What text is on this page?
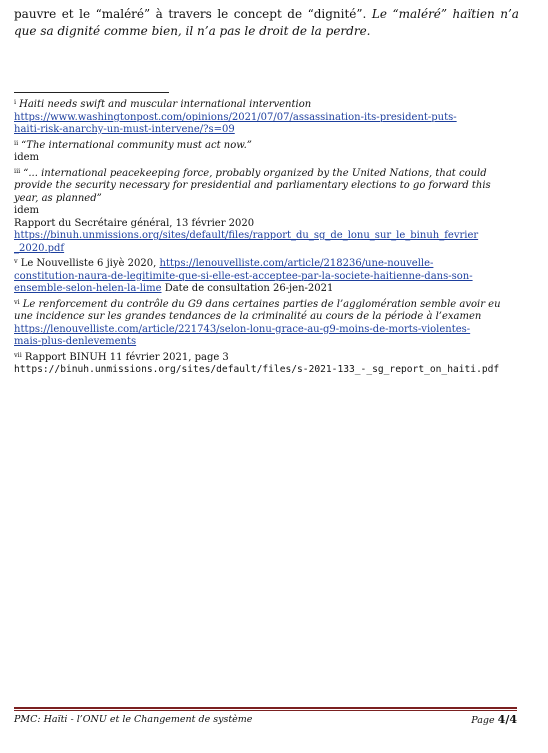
pauvre et le “maléré” à travers le concept de “dignité”. Le “maléré” haïtien n’a que sa dignité comme bien, il n’a pas le droit de la perdre.
$^i$ Haiti needs swift and muscular international intervention
https://www.washingtonpost.com/opinions/2021/07/07/assassination-its-president-puts-
haiti-risk-anarchy-un-must-intervene/?s=09
$^{ii}$ “The international community must act now.”
idem
$^{iii}$ “... international peacekeeping force, probably organized by the United Nations, that could
provide the security necessary for presidential and parliamentary elections to go forward this
year, as planned”
idem
Rapport du Secrétaire général, 13 février 2020
https://binuh.unmissions.org/sites/default/files/rapport_du_sg_de_lonu_sur_le_binuh_fevrier
_2020.pdf
$^v$ Le Nouvelliste 6 jiyè 2020, https://lenouvelliste.com/article/218236/une-nouvelle-
constitution-naura-de-legitimite-que-si-elle-est-acceptee-par-la-societe-haitienne-dans-son-
ensemble-selon-helen-la-lime Date de consultation 26-jen-2021
$^{vi}$ Le renforcement du contrôle du G9 dans certaines parties de l’agglomération semble avoir eu
une incidence sur les grandes tendances de la criminalité au cours de la période à l’examen
https://lenouvelliste.com/article/221743/selon-lonu-grace-au-g9-moins-de-morts-violentes-
mais-plus-denlevements
$^{vii}$ Rapport BINUH 11 février 2021, page 3
https://binuh.unmissions.org/sites/default/files/s-2021-133_-_sg_report_on_haiti.pdf
PMC: Haïti - l’ONU et le Changement de système	Page 4/4
